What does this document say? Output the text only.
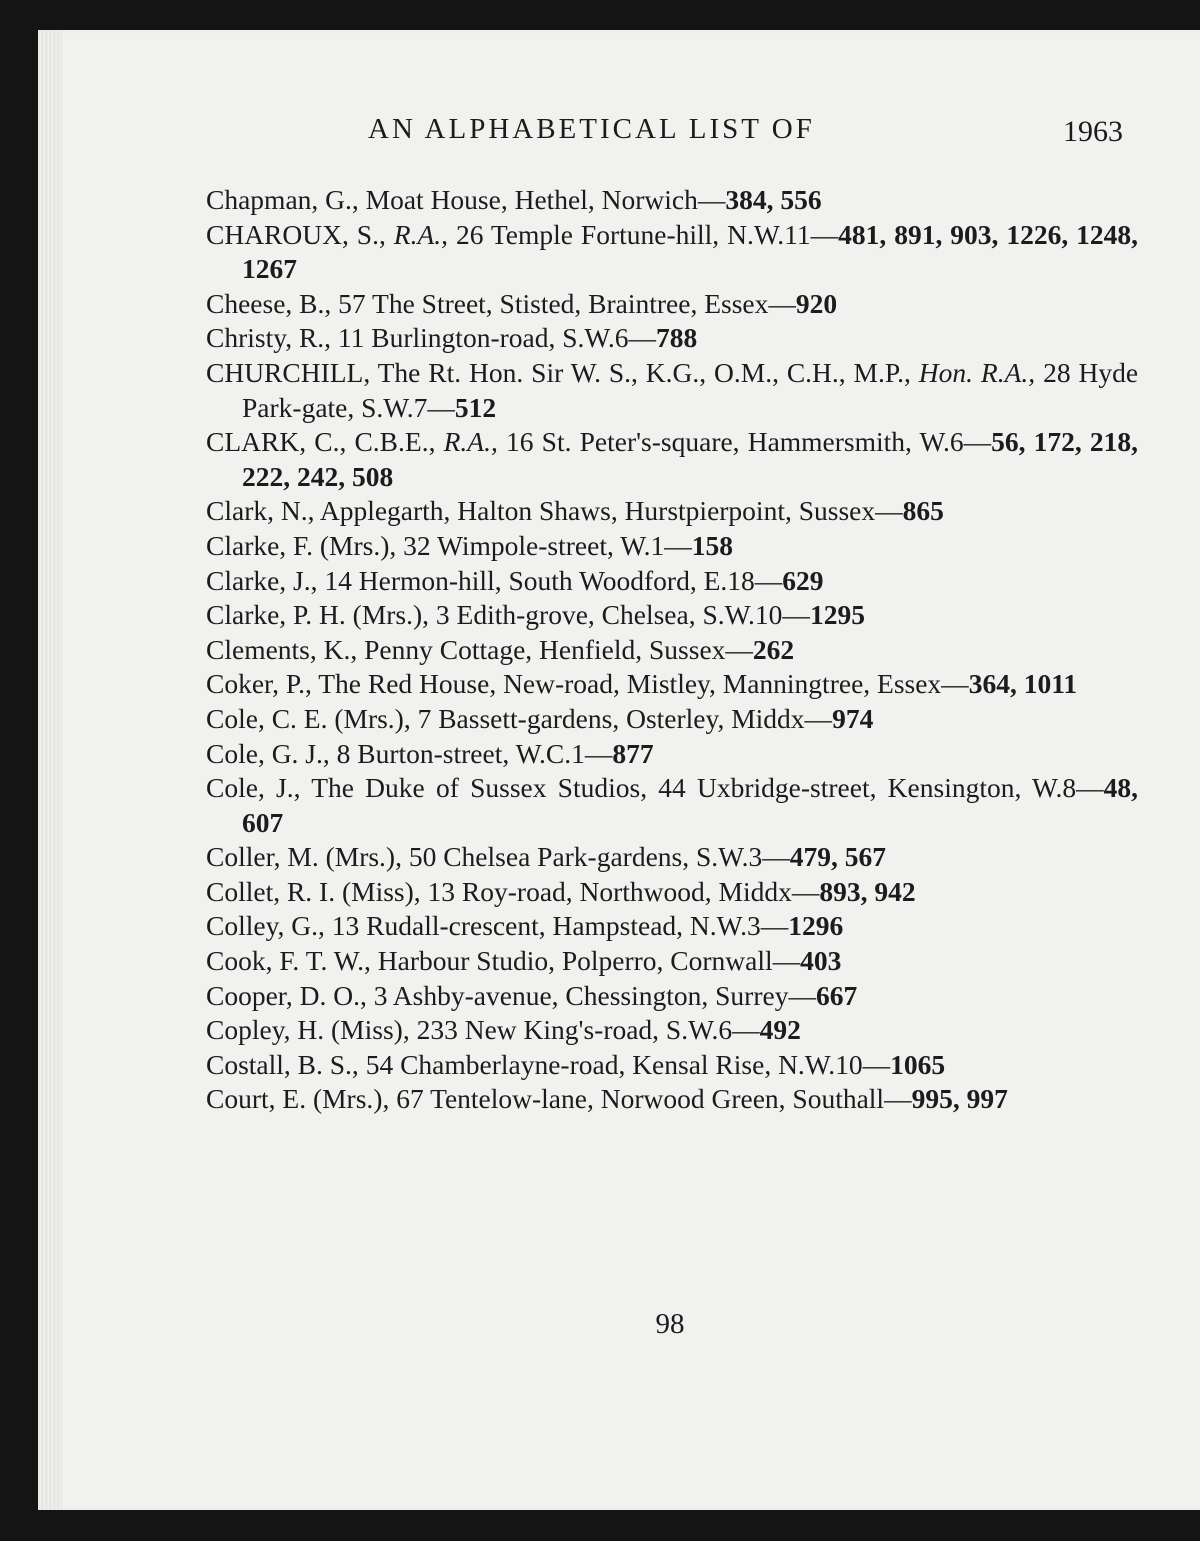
AN ALPHABETICAL LIST OF	1963
Chapman, G., Moat House, Hethel, Norwich—384, 556
CHAROUX, S., R.A., 26 Temple Fortune-hill, N.W.11—481, 891, 903, 1226, 1248, 1267
Cheese, B., 57 The Street, Stisted, Braintree, Essex—920
Christy, R., 11 Burlington-road, S.W.6—788
CHURCHILL, The Rt. Hon. Sir W. S., K.G., O.M., C.H., M.P., Hon. R.A., 28 Hyde Park-gate, S.W.7—512
CLARK, C., C.B.E., R.A., 16 St. Peter's-square, Hammersmith, W.6—56, 172, 218, 222, 242, 508
Clark, N., Applegarth, Halton Shaws, Hurstpierpoint, Sussex—865
Clarke, F. (Mrs.), 32 Wimpole-street, W.1—158
Clarke, J., 14 Hermon-hill, South Woodford, E.18—629
Clarke, P. H. (Mrs.), 3 Edith-grove, Chelsea, S.W.10—1295
Clements, K., Penny Cottage, Henfield, Sussex—262
Coker, P., The Red House, New-road, Mistley, Manningtree, Essex—364, 1011
Cole, C. E. (Mrs.), 7 Bassett-gardens, Osterley, Middx—974
Cole, G. J., 8 Burton-street, W.C.1—877
Cole, J., The Duke of Sussex Studios, 44 Uxbridge-street, Kensington, W.8—48, 607
Coller, M. (Mrs.), 50 Chelsea Park-gardens, S.W.3—479, 567
Collet, R. I. (Miss), 13 Roy-road, Northwood, Middx—893, 942
Colley, G., 13 Rudall-crescent, Hampstead, N.W.3—1296
Cook, F. T. W., Harbour Studio, Polperro, Cornwall—403
Cooper, D. O., 3 Ashby-avenue, Chessington, Surrey—667
Copley, H. (Miss), 233 New King's-road, S.W.6—492
Costall, B. S., 54 Chamberlayne-road, Kensal Rise, N.W.10—1065
Court, E. (Mrs.), 67 Tentelow-lane, Norwood Green, Southall—995, 997
98
